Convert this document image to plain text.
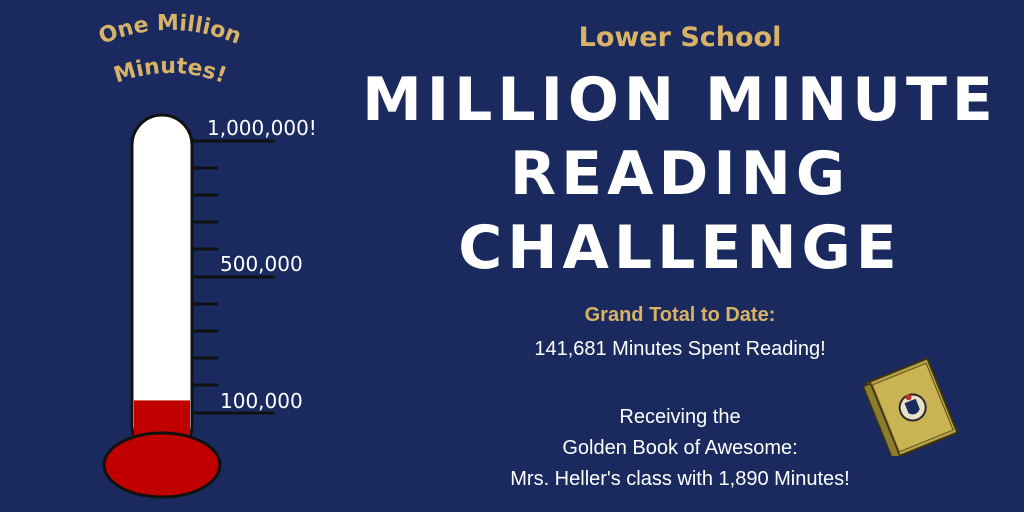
One Million
Minutes!
1,000,000!
500,000
100,000
Lower School
MILLION MINUTE
READING
CHALLENGE
Grand Total to Date:
141,681 Minutes Spent Reading!
Receiving the
Golden Book of Awesome:
Mrs. Heller's class with 1,890 Minutes!
